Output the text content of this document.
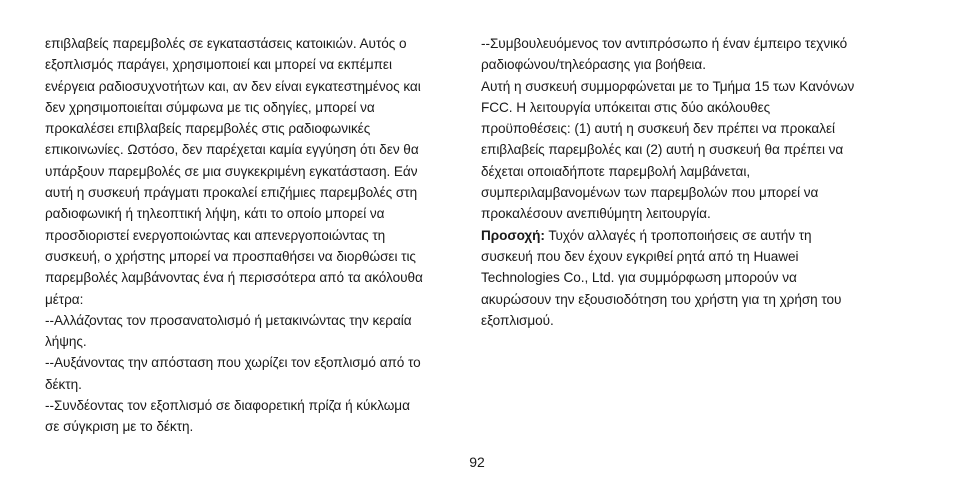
επιβλαβείς παρεμβολές σε εγκαταστάσεις κατοικιών. Αυτός ο
εξοπλισμός παράγει, χρησιμοποιεί και μπορεί να εκπέμπει
ενέργεια ραδιοσυχνοτήτων και, αν δεν είναι εγκατεστημένος και
δεν χρησιμοποιείται σύμφωνα με τις οδηγίες, μπορεί να
προκαλέσει επιβλαβείς παρεμβολές στις ραδιοφωνικές
επικοινωνίες. Ωστόσο, δεν παρέχεται καμία εγγύηση ότι δεν θα
υπάρξουν παρεμβολές σε μια συγκεκριμένη εγκατάσταση. Εάν
αυτή η συσκευή πράγματι προκαλεί επιζήμιες παρεμβολές στη
ραδιοφωνική ή τηλεοπτική λήψη, κάτι το οποίο μπορεί να
προσδιοριστεί ενεργοποιώντας και απενεργοποιώντας τη
συσκευή, ο χρήστης μπορεί να προσπαθήσει να διορθώσει τις
παρεμβολές λαμβάνοντας ένα ή περισσότερα από τα ακόλουθα
μέτρα:
--Αλλάζοντας τον προσανατολισμό ή μετακινώντας την κεραία
λήψης.
--Αυξάνοντας την απόσταση που χωρίζει τον εξοπλισμό από το
δέκτη.
--Συνδέοντας τον εξοπλισμό σε διαφορετική πρίζα ή κύκλωμα
σε σύγκριση με το δέκτη.
--Συμβουλευόμενος τον αντιπρόσωπο ή έναν έμπειρο τεχνικό
ραδιοφώνου/τηλεόρασης για βοήθεια.
Αυτή η συσκευή συμμορφώνεται με το Τμήμα 15 των Κανόνων
FCC. Η λειτουργία υπόκειται στις δύο ακόλουθες
προϋποθέσεις: (1) αυτή η συσκευή δεν πρέπει να προκαλεί
επιβλαβείς παρεμβολές και (2) αυτή η συσκευή θα πρέπει να
δέχεται οποιαδήποτε παρεμβολή λαμβάνεται,
συμπεριλαμβανομένων των παρεμβολών που μπορεί να
προκαλέσουν ανεπιθύμητη λειτουργία.
Προσοχή: Τυχόν αλλαγές ή τροποποιήσεις σε αυτήν τη
συσκευή που δεν έχουν εγκριθεί ρητά από τη Huawei
Technologies Co., Ltd. για συμμόρφωση μπορούν να
ακυρώσουν την εξουσιοδότηση του χρήστη για τη χρήση του
εξοπλισμού.
92
